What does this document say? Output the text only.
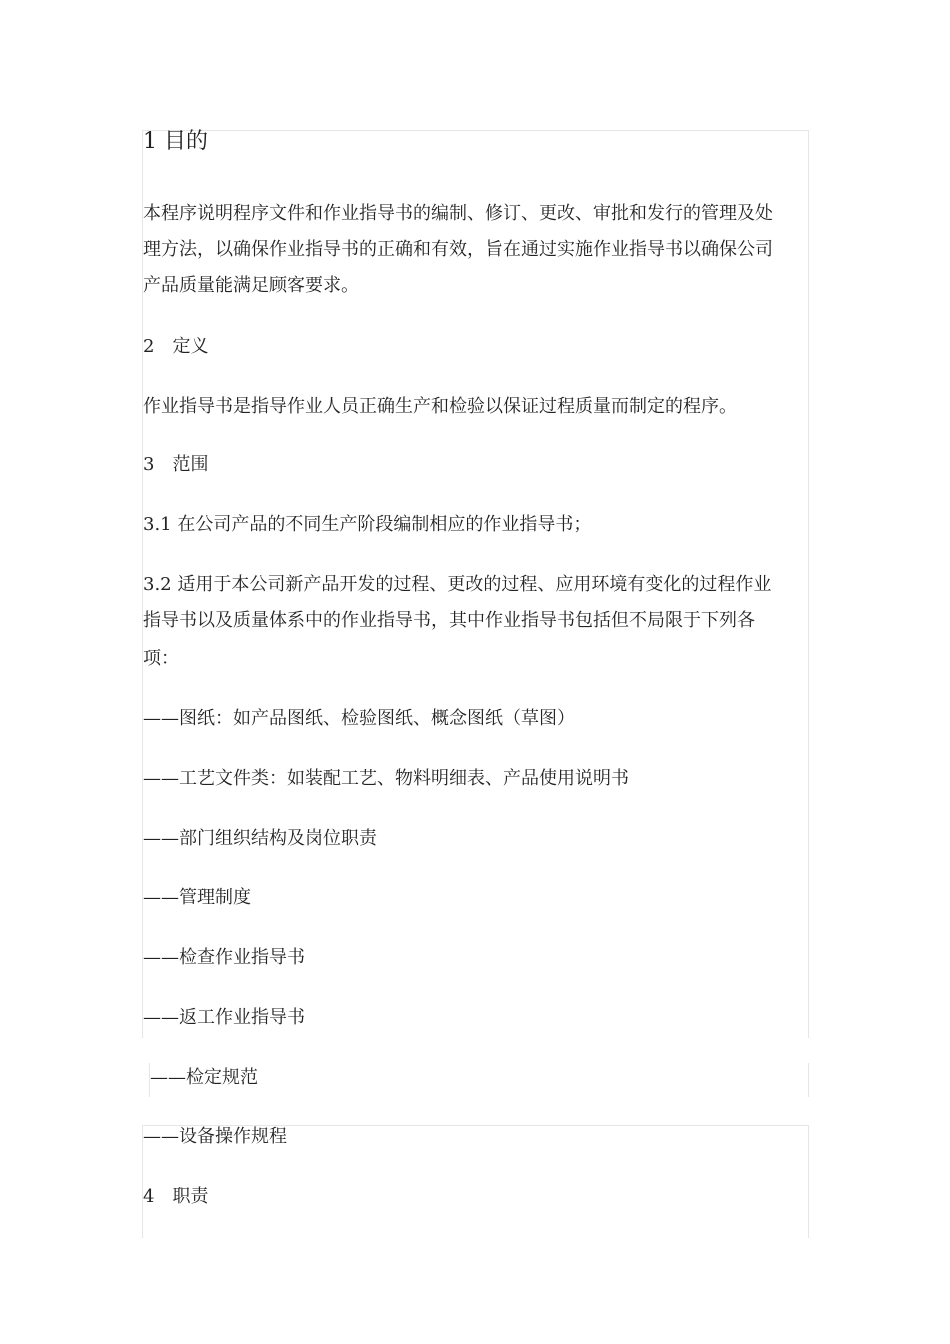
1 目的
本程序说明程序文件和作业指导书的编制、修订、更改、审批和发行的管理及处
理方法，以确保作业指导书的正确和有效，旨在通过实施作业指导书以确保公司
产品质量能满足顾客要求。
2　定义
作业指导书是指导作业人员正确生产和检验以保证过程质量而制定的程序。
3　范围
3.1 在公司产品的不同生产阶段编制相应的作业指导书；
3.2 适用于本公司新产品开发的过程、更改的过程、应用环境有变化的过程作业
指导书以及质量体系中的作业指导书，其中作业指导书包括但不局限于下列各
项：
——图纸：如产品图纸、检验图纸、概念图纸（草图）
——工艺文件类：如装配工艺、物料明细表、产品使用说明书
——部门组织结构及岗位职责
——管理制度
——检查作业指导书
——返工作业指导书
——检定规范
——设备操作规程
4　职责
